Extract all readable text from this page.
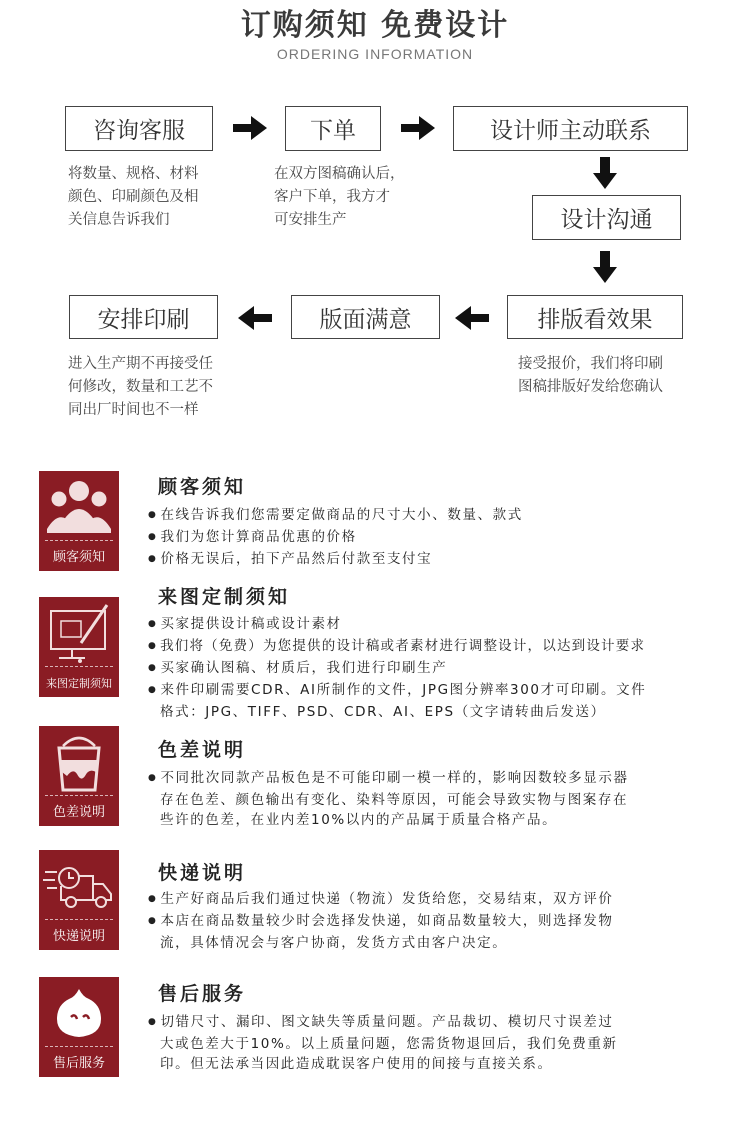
订购须知 免费设计
ORDERING INFORMATION
咨询客服	下单	设计师主动联系
将数量、规格、材料
颜色、印刷颜色及相
关信息告诉我们
在双方图稿确认后，
客户下单，我方才
可安排生产	设计沟通
安排印刷	版面满意	排版看效果
进入生产期不再接受任
何修改，数量和工艺不
同出厂时间也不一样
接受报价，我们将印刷
图稿排版好发给您确认
顾客须知
顾客须知
● 在线告诉我们您需要定做商品的尺寸大小、数量、款式
● 我们为您计算商品优惠的价格
● 价格无误后，拍下产品然后付款至支付宝
来图定制须知
来图定制须知
● 买家提供设计稿或设计素材
● 我们将（免费）为您提供的设计稿或者素材进行调整设计，以达到设计要求
● 买家确认图稿、材质后，我们进行印刷生产
● 来件印刷需要CDR、AI所制作的文件，JPG图分辨率300才可印刷。文件
格式：JPG、TIFF、PSD、CDR、AI、EPS（文字请转曲后发送）
色差说明
色差说明
● 不同批次同款产品板色是不可能印刷一模一样的，影响因数较多显示器
存在色差、颜色输出有变化、染料等原因，可能会导致实物与图案存在
些许的色差，在业内差10%以内的产品属于质量合格产品。
快递说明
快递说明
● 生产好商品后我们通过快递（物流）发货给您，交易结束，双方评价
● 本店在商品数量较少时会选择发快递，如商品数量较大，则选择发物
流，具体情况会与客户协商，发货方式由客户决定。
售后服务
售后服务
● 切错尺寸、漏印、图文缺失等质量问题。产品裁切、模切尺寸误差过
大或色差大于10%。以上质量问题，您需货物退回后，我们免费重新
印。但无法承当因此造成耽误客户使用的间接与直接关系。
